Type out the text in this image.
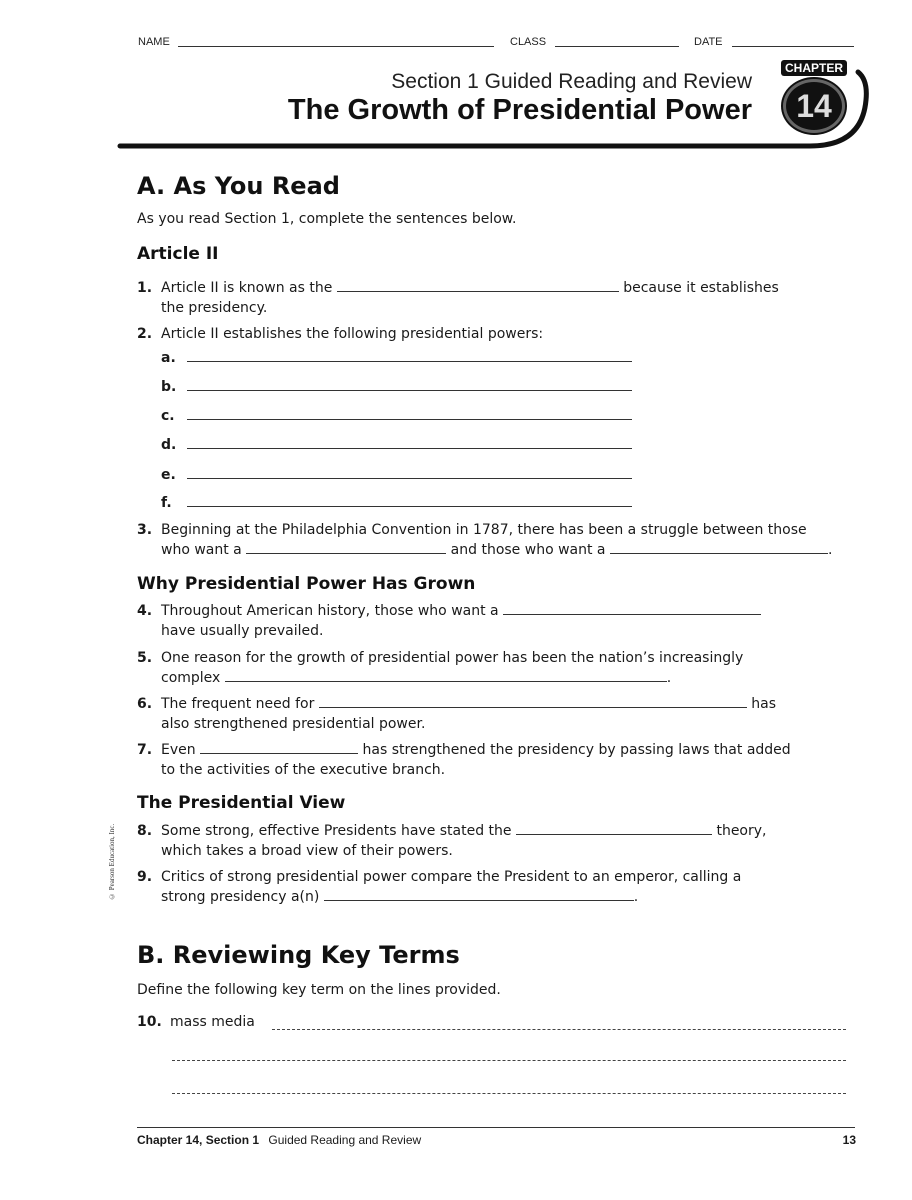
NAME	CLASS	DATE
Section 1 Guided Reading and Review
The Growth of Presidential Power
CHAPTER
14
A. As You Read
As you read Section 1, complete the sentences below.
Article II
1. Article II is known as the	because it establishes
the presidency.
2. Article II establishes the following presidential powers:
a.
b.
c.
d.
e.
f.
3. Beginning at the Philadelphia Convention in 1787, there has been a struggle between those
who want a	and those who want a	.
Why Presidential Power Has Grown
4. Throughout American history, those who want a
have usually prevailed.
5. One reason for the growth of presidential power has been the nation’s increasingly
complex	.
6. The frequent need for	has
also strengthened presidential power.
7. Even	has strengthened the presidency by passing laws that added
to the activities of the executive branch.
The Presidential View
8. Some strong, effective Presidents have stated the	theory,
which takes a broad view of their powers.
9. Critics of strong presidential power compare the President to an emperor, calling a
strong presidency a(n)	.
B. Reviewing Key Terms
Define the following key term on the lines provided.
10. mass media
© Pearson Education, Inc.
Chapter 14, Section 1 Guided Reading and Review	13
